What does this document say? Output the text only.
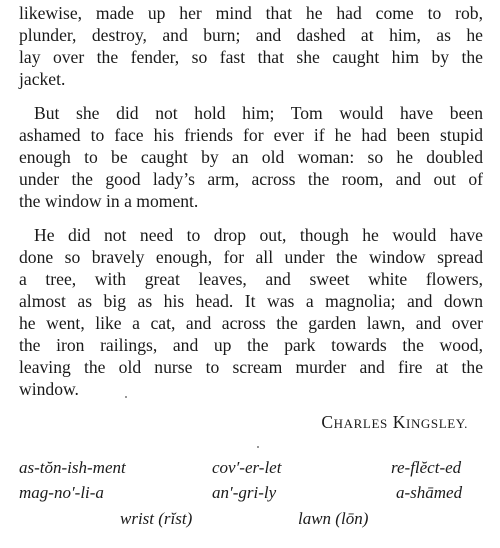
likewise, made up her mind that he had come to rob,
plunder, destroy, and burn; and dashed at him, as he
lay over the fender, so fast that she caught him by the
jacket.
But she did not hold him; Tom would have been
ashamed to face his friends for ever if he had been stupid
enough to be caught by an old woman: so he doubled
under the good lady’s arm, across the room, and out of
the window in a moment.
He did not need to drop out, though he would have
done so bravely enough, for all under the window spread
a tree, with great leaves, and sweet white flowers,
almost as big as his head. It was a magnolia; and down
he went, like a cat, and across the garden lawn, and over
the iron railings, and up the park towards the wood,
leaving the old nurse to scream murder and fire at the
window.
CHARLES KINGSLEY.
as-tŏn-ish-ment	cov′-er-let	re-flĕct-ed
mag-no′-li-a	an′-gri-ly	a-shāmed
wrist (rĭst)	lawn (lōn)
